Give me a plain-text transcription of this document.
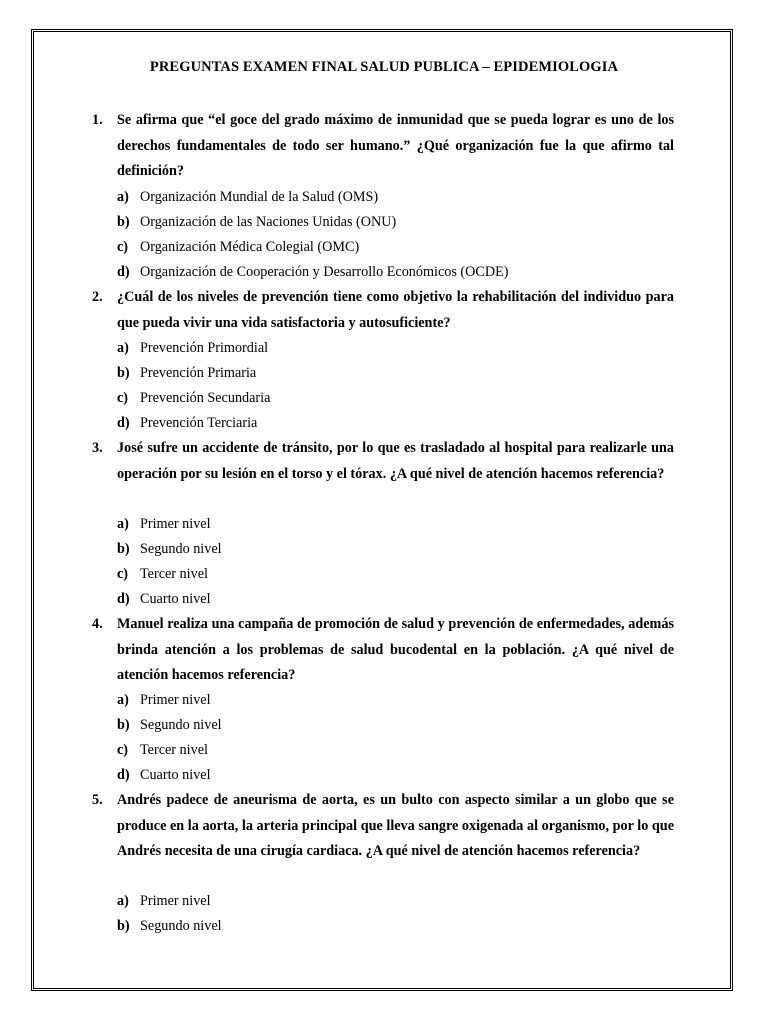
PREGUNTAS EXAMEN FINAL SALUD PUBLICA – EPIDEMIOLOGIA
1. Se afirma que “el goce del grado máximo de inmunidad que se pueda lograr es uno de los derechos fundamentales de todo ser humano.” ¿Qué organización fue la que afirmo tal definición?
a) Organización Mundial de la Salud (OMS)
b) Organización de las Naciones Unidas (ONU)
c) Organización Médica Colegial (OMC)
d) Organización de Cooperación y Desarrollo Económicos (OCDE)
2. ¿Cuál de los niveles de prevención tiene como objetivo la rehabilitación del individuo para que pueda vivir una vida satisfactoria y autosuficiente?
a) Prevención Primordial
b) Prevención Primaria
c) Prevención Secundaria
d) Prevención Terciaria
3. José sufre un accidente de tránsito, por lo que es trasladado al hospital para realizarle una operación por su lesión en el torso y el tórax. ¿A qué nivel de atención hacemos referencia?
a) Primer nivel
b) Segundo nivel
c) Tercer nivel
d) Cuarto nivel
4. Manuel realiza una campaña de promoción de salud y prevención de enfermedades, además brinda atención a los problemas de salud bucodental en la población. ¿A qué nivel de atención hacemos referencia?
a) Primer nivel
b) Segundo nivel
c) Tercer nivel
d) Cuarto nivel
5. Andrés padece de aneurisma de aorta, es un bulto con aspecto similar a un globo que se produce en la aorta, la arteria principal que lleva sangre oxigenada al organismo, por lo que Andrés necesita de una cirugía cardiaca. ¿A qué nivel de atención hacemos referencia?
a) Primer nivel
b) Segundo nivel
